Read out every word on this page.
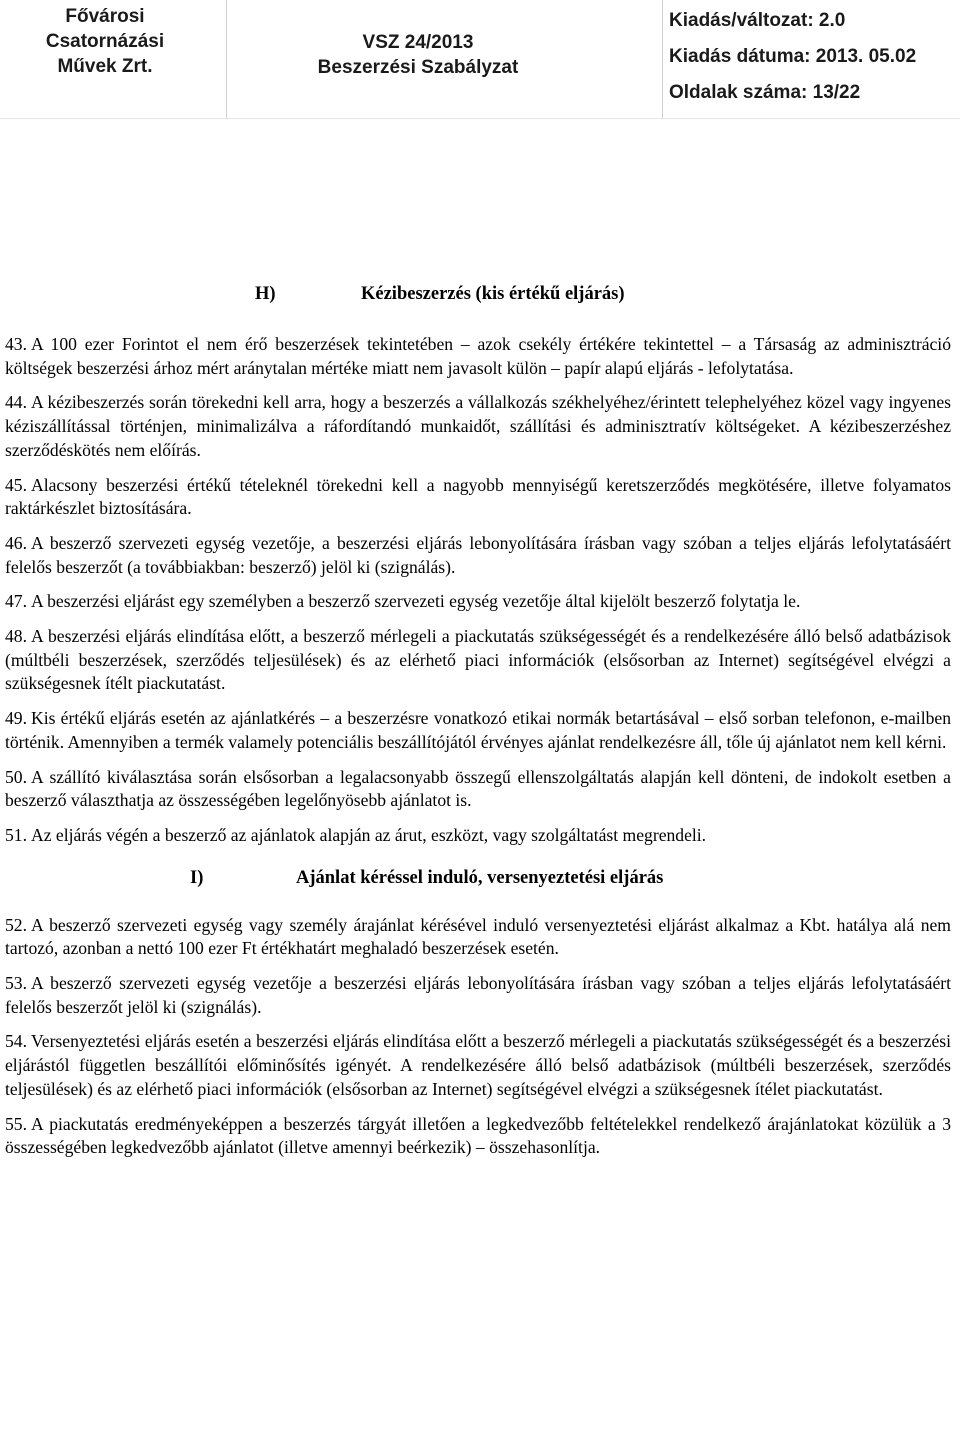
Fővárosi
Csatornázási
Művek Zrt.
VSZ 24/2013
Beszerzési Szabályzat
Kiadás/változat: 2.0
Kiadás dátuma: 2013. 05.02
Oldalak száma: 13/22
H)	Kézibeszerzés (kis értékű eljárás)

43. A 100 ezer Forintot el nem érő beszerzések tekintetében – azok csekély értékére tekintettel – a Társaság az adminisztráció költségek beszerzési árhoz mért aránytalan mértéke miatt nem javasolt külön – papír alapú eljárás - lefolytatása.

44. A kézibeszerzés során törekedni kell arra, hogy a beszerzés a vállalkozás székhelyéhez/érintett telephelyéhez közel vagy ingyenes kéziszállítással történjen, minimalizálva a ráfordítandó munkaidőt, szállítási és adminisztratív költségeket. A kézibeszerzéshez szerződéskötés nem előírás.

45. Alacsony beszerzési értékű tételeknél törekedni kell a nagyobb mennyiségű keretszerződés megkötésére, illetve folyamatos raktárkészlet biztosítására.

46. A beszerző szervezeti egység vezetője, a beszerzési eljárás lebonyolítására írásban vagy szóban a teljes eljárás lefolytatásáért felelős beszerzőt (a továbbiakban: beszerző) jelöl ki (szignálás).

47. A beszerzési eljárást egy személyben a beszerző szervezeti egység vezetője által kijelölt beszerző folytatja le.

48. A beszerzési eljárás elindítása előtt, a beszerző mérlegeli a piackutatás szükségességét és a rendelkezésére álló belső adatbázisok (múltbéli beszerzések, szerződés teljesülések) és az elérhető piaci információk (elsősorban az Internet) segítségével elvégzi a szükségesnek ítélt piackutatást.

49. Kis értékű eljárás esetén az ajánlatkérés – a beszerzésre vonatkozó etikai normák betartásával – első sorban telefonon, e-mailben történik. Amennyiben a termék valamely potenciális beszállítójától érvényes ajánlat rendelkezésre áll, tőle új ajánlatot nem kell kérni.

50. A szállító kiválasztása során elsősorban a legalacsonyabb összegű ellenszolgáltatás alapján kell dönteni, de indokolt esetben a beszerző választhatja az összességében legelőnyösebb ajánlatot is.

51. Az eljárás végén a beszerző az ajánlatok alapján az árut, eszközt, vagy szolgáltatást megrendeli.

I)	Ajánlat kéréssel induló, versenyeztetési eljárás

52. A beszerző szervezeti egység vagy személy árajánlat kérésével induló versenyeztetési eljárást alkalmaz a Kbt. hatálya alá nem tartozó, azonban a nettó 100 ezer Ft értékhatárt meghaladó beszerzések esetén.

53. A beszerző szervezeti egység vezetője a beszerzési eljárás lebonyolítására írásban vagy szóban a teljes eljárás lefolytatásáért felelős beszerzőt jelöl ki (szignálás).

54. Versenyeztetési eljárás esetén a beszerzési eljárás elindítása előtt a beszerző mérlegeli a piackutatás szükségességét és a beszerzési eljárástól független beszállítói előminősítés igényét. A rendelkezésére álló belső adatbázisok (múltbéli beszerzések, szerződés teljesülések) és az elérhető piaci információk (elsősorban az Internet) segítségével elvégzi a szükségesnek ítélet piackutatást.

55. A piackutatás eredményeképpen a beszerzés tárgyát illetően a legkedvezőbb feltételekkel rendelkező árajánlatokat közülük a 3 összességében legkedvezőbb ajánlatot (illetve amennyi beérkezik) – összehasonlítja.
